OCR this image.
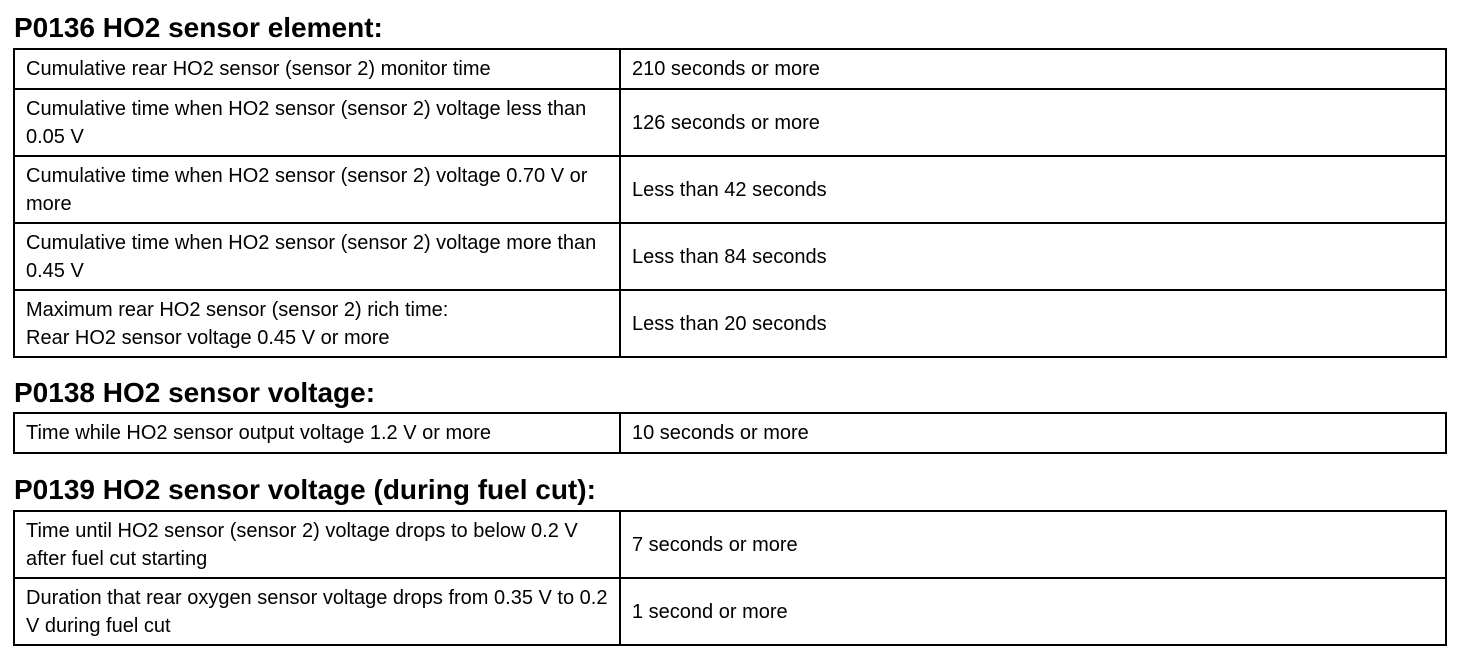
P0136 HO2 sensor element:
Cumulative rear HO2 sensor (sensor 2) monitor time	210 seconds or more
Cumulative time when HO2 sensor (sensor 2) voltage less than 0.05 V	126 seconds or more
Cumulative time when HO2 sensor (sensor 2) voltage 0.70 V or more	Less than 42 seconds
Cumulative time when HO2 sensor (sensor 2) voltage more than 0.45 V	Less than 84 seconds

Maximum rear HO2 sensor (sensor 2) rich time:
Rear HO2 sensor voltage 0.45 V or more	Less than 20 seconds
P0138 HO2 sensor voltage:
Time while HO2 sensor output voltage 1.2 V or more	10 seconds or more
P0139 HO2 sensor voltage (during fuel cut):
Time until HO2 sensor (sensor 2) voltage drops to below 0.2 V after fuel cut starting	7 seconds or more
Duration that rear oxygen sensor voltage drops from 0.35 V to 0.2 V during fuel cut	1 second or more
